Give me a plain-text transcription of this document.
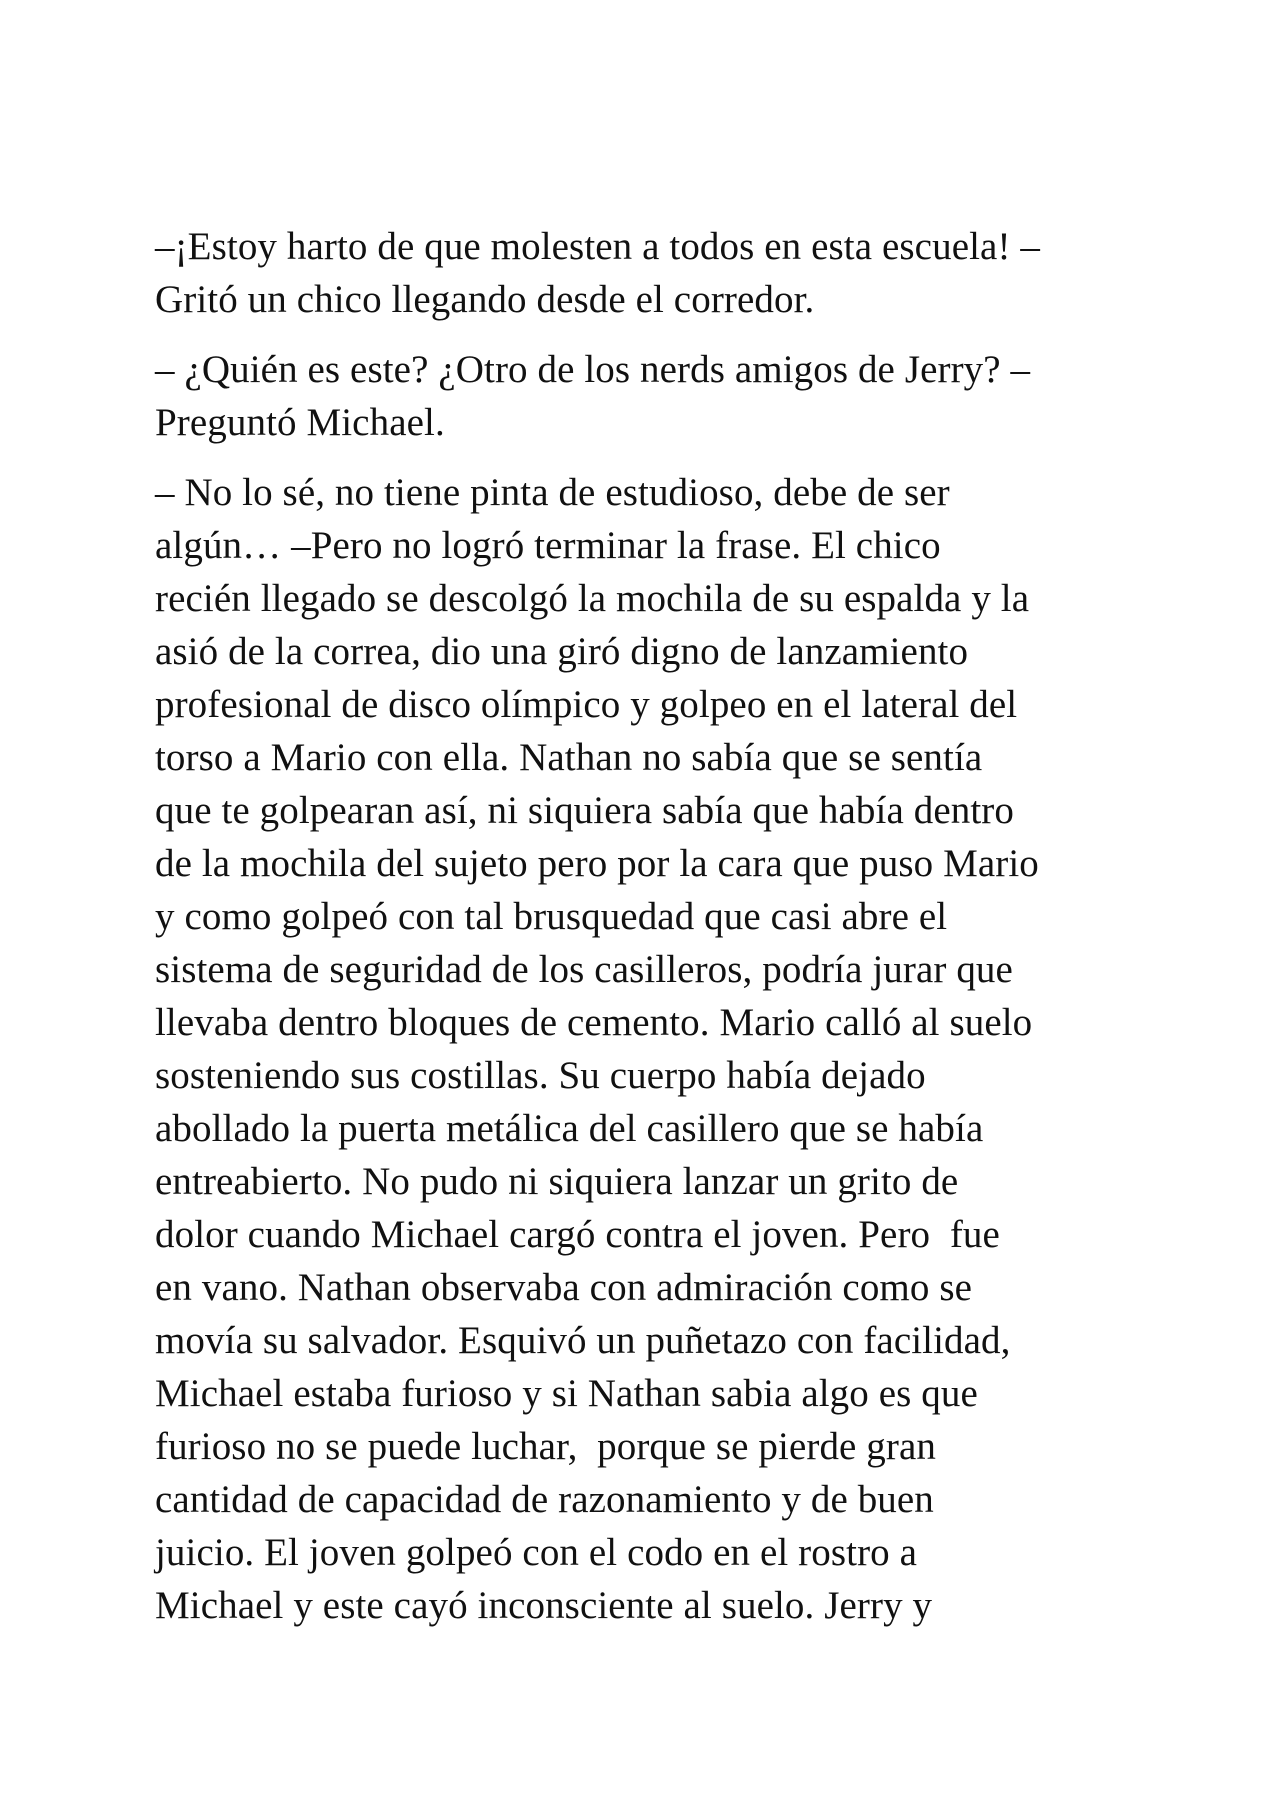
–¡Estoy harto de que molesten a todos en esta escuela! –
Gritó un chico llegando desde el corredor.

– ¿Quién es este? ¿Otro de los nerds amigos de Jerry? –
Preguntó Michael.

– No lo sé, no tiene pinta de estudioso, debe de ser
algún… –Pero no logró terminar la frase. El chico
recién llegado se descolgó la mochila de su espalda y la
asió de la correa, dio una giró digno de lanzamiento
profesional de disco olímpico y golpeo en el lateral del
torso a Mario con ella. Nathan no sabía que se sentía
que te golpearan así, ni siquiera sabía que había dentro
de la mochila del sujeto pero por la cara que puso Mario
y como golpeó con tal brusquedad que casi abre el
sistema de seguridad de los casilleros, podría jurar que
llevaba dentro bloques de cemento. Mario calló al suelo
sosteniendo sus costillas. Su cuerpo había dejado
abollado la puerta metálica del casillero que se había
entreabierto. No pudo ni siquiera lanzar un grito de
dolor cuando Michael cargó contra el joven. Pero  fue
en vano. Nathan observaba con admiración como se
movía su salvador. Esquivó un puñetazo con facilidad,
Michael estaba furioso y si Nathan sabia algo es que
furioso no se puede luchar,  porque se pierde gran
cantidad de capacidad de razonamiento y de buen
juicio. El joven golpeó con el codo en el rostro a
Michael y este cayó inconsciente al suelo. Jerry y
